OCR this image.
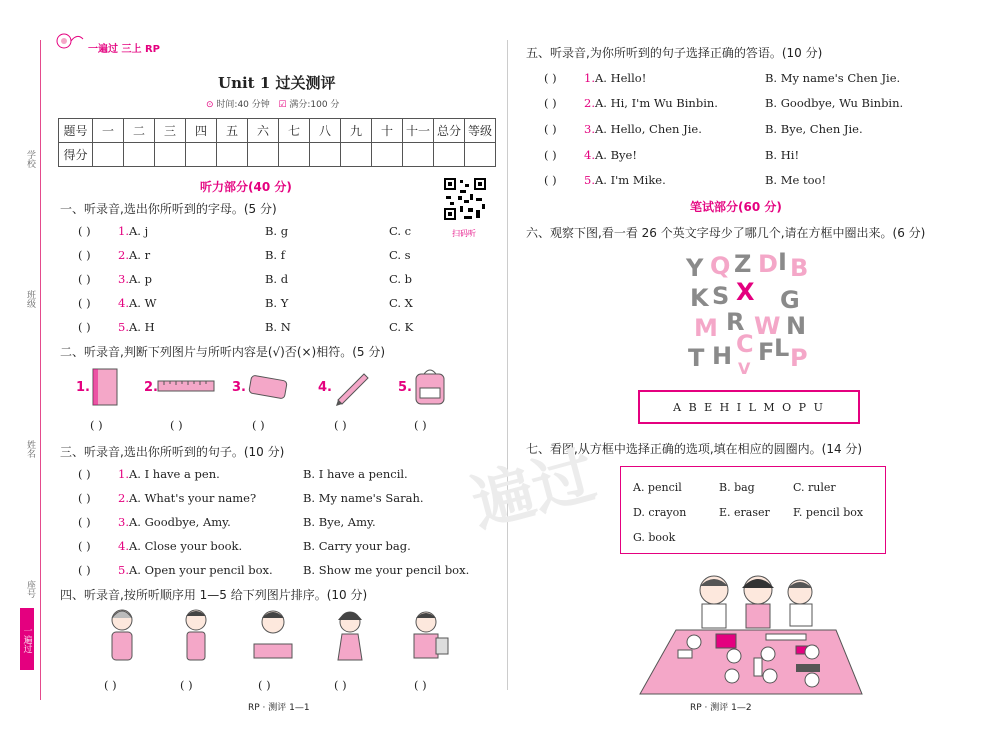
学校
班级
姓名
座号
一遍过
一遍过 三上 RP
Unit 1 过关测评
⊙ 时间:40 分钟 ☑ 满分:100 分
题号	一	二	三	四	五	六	七	八	九	十	十一	总分	等级
得分													
听力部分(40 分)
扫码听
一、听录音,选出你所听到的字母。(5 分)
( ) 1.A. j	B. g	C. c
( ) 2.A. r	B. f	C. s
( ) 3.A. p	B. d	C. b
( ) 4.A. W	B. Y	C. X
( ) 5.A. H	B. N	C. K
二、听录音,判断下列图片与所听内容是(√)否(×)相符。(5 分)
1.	2.	3.	4.	5.
( )	( )	( )	( )	( )
三、听录音,选出你所听到的句子。(10 分)
( ) 1.A. I have a pen.	B. I have a pencil.
( ) 2.A. What's your name?	B. My name's Sarah.
( ) 3.A. Goodbye, Amy.	B. Bye, Amy.
( ) 4.A. Close your book.	B. Carry your bag.
( ) 5.A. Open your pencil box.	B. Show me your pencil box.
四、听录音,按所听顺序用 1—5 给下列图片排序。(10 分)
( )	( )	( )	( )	( )
RP · 测评 1—1
五、听录音,为你所听到的句子选择正确的答语。(10 分)
( ) 1.A. Hello!	B. My name's Chen Jie.
( ) 2.A. Hi, I'm Wu Binbin.	B. Goodbye, Wu Binbin.
( ) 3.A. Hello, Chen Jie.	B. Bye, Chen Jie.
( ) 4.A. Bye!	B. Hi!
( ) 5.A. I'm Mike.	B. Me too!
笔试部分(60 分)
六、观察下图,看一看 26 个英文字母少了哪几个,请在方框中圈出来。(6 分)
Y Q Z D I B
K S X G
M R W N
T H C
V
F L P
A B E H I L M O P U
七、看图,从方框中选择正确的选项,填在相应的圆圈内。(14 分)
A. pencil	B. bag	C. ruler
D. crayon	E. eraser F. pencil box
G. book
RP · 测评 1—2
遍过
